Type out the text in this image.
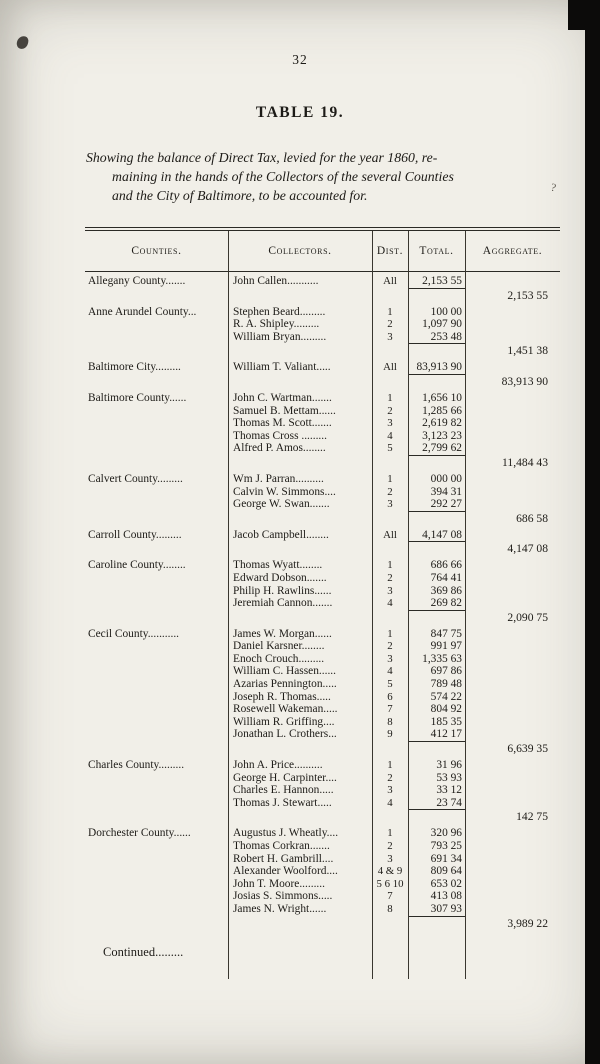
?
32
TABLE 19.
Showing the balance of Direct Tax, levied for the year 1860, re-
maining in the hands of the Collectors of the several Counties
and the City of Baltimore, to be accounted for.
Counties.	Collectors.	Dist.	Total.	Aggregate.
Allegany County.......	John Callen...........	All	2,153 55
2,153 55
Anne Arundel County...	Stephen Beard.........	1	100 00
R. A. Shipley.........	2	1,097 90
William Bryan.........	3	253 48
1,451 38
Baltimore City.........	William T. Valiant.....	All	83,913 90
83,913 90
Baltimore County......	John C. Wartman.......	1	1,656 10
Samuel B. Mettam......	2	1,285 66
Thomas M. Scott.......	3	2,619 82
Thomas Cross .........	4	3,123 23
Alfred P. Amos........	5	2,799 62
11,484 43
Calvert County.........	Wm J. Parran..........	1	000 00
Calvin W. Simmons....	2	394 31
George W. Swan.......	3	292 27
686 58
Carroll County.........	Jacob Campbell........	All	4,147 08
4,147 08
Caroline County........	Thomas Wyatt........	1	686 66
Edward Dobson.......	2	764 41
Philip H. Rawlins......	3	369 86
Jeremiah Cannon.......	4	269 82
2,090 75
Cecil County...........	James W. Morgan......	1	847 75
Daniel Karsner........	2	991 97
Enoch Crouch.........	3	1,335 63
William C. Hassen......	4	697 86
Azarias Pennington.....	5	789 48
Joseph R. Thomas.....	6	574 22
Rosewell Wakeman.....	7	804 92
William R. Griffing....	8	185 35
Jonathan L. Crothers...	9	412 17
6,639 35
Charles County.........	John A. Price..........	1	31 96
George H. Carpinter....	2	53 93
Charles E. Hannon.....	3	33 12
Thomas J. Stewart.....	4	23 74
142 75
Dorchester County......	Augustus J. Wheatly....	1	320 96
Thomas Corkran.......	2	793 25
Robert H. Gambrill....	3	691 34
Alexander Woolford....	4 & 9	809 64
John T. Moore.........	5 6 10	653 02
Josias S. Simmons.....	7	413 08
James N. Wright......	8	307 93
3,989 22
Continued.........
